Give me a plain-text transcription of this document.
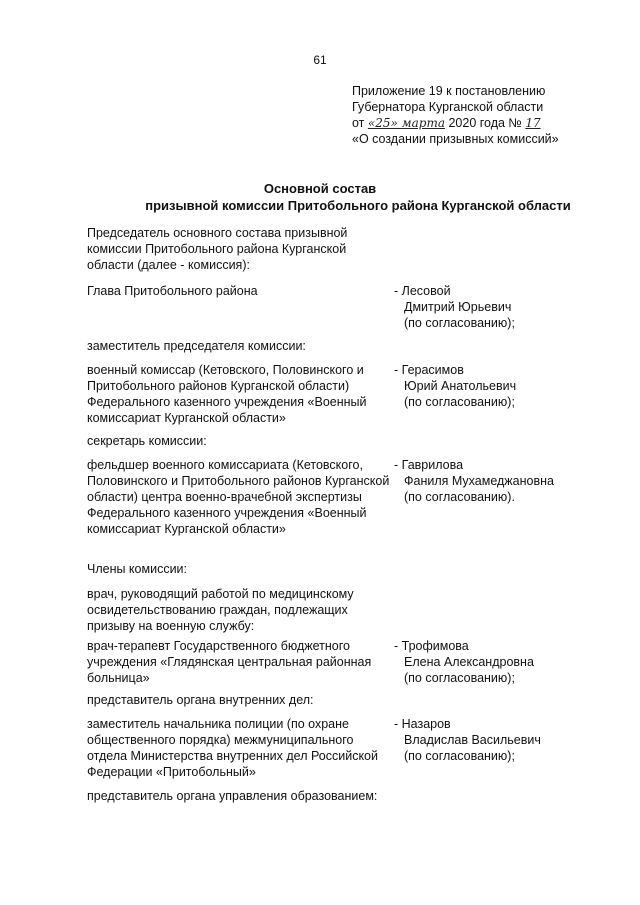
61
Приложение 19 к постановлению
Губернатора Курганской области
от «25» марта 2020 года № 17
«О создании призывных комиссий»
Основной состав
призывной комиссии Притобольного района Курганской области
Председатель основного состава призывной комиссии Притобольного района Курганской области (далее - комиссия):
Глава Притобольного района	- Лесовой
Дмитрий Юрьевич
(по согласованию);
заместитель председателя комиссии:
военный комиссар (Кетовского, Половинского и Притобольного районов Курганской области) Федерального казенного учреждения «Военный комиссариат Курганской области»
- Герасимов
Юрий Анатольевич
(по согласованию);
секретарь комиссии:
фельдшер военного комиссариата (Кетовского, Половинского и Притобольного районов Курганской области) центра военно-врачебной экспертизы Федерального казенного учреждения «Военный комиссариат Курганской области»
- Гаврилова
Фаниля Мухамеджановна
(по согласованию).
Члены комиссии:
врач, руководящий работой по медицинскому освидетельствованию граждан, подлежащих призыву на военную службу:
врач-терапевт Государственного бюджетного учреждения «Глядянская центральная районная больница»
- Трофимова
Елена Александровна
(по согласованию);
представитель органа внутренних дел:
заместитель начальника полиции (по охране общественного порядка) межмуниципального отдела Министерства внутренних дел Российской Федерации «Притобольный»
- Назаров
Владислав Васильевич
(по согласованию);
представитель органа управления образованием:
